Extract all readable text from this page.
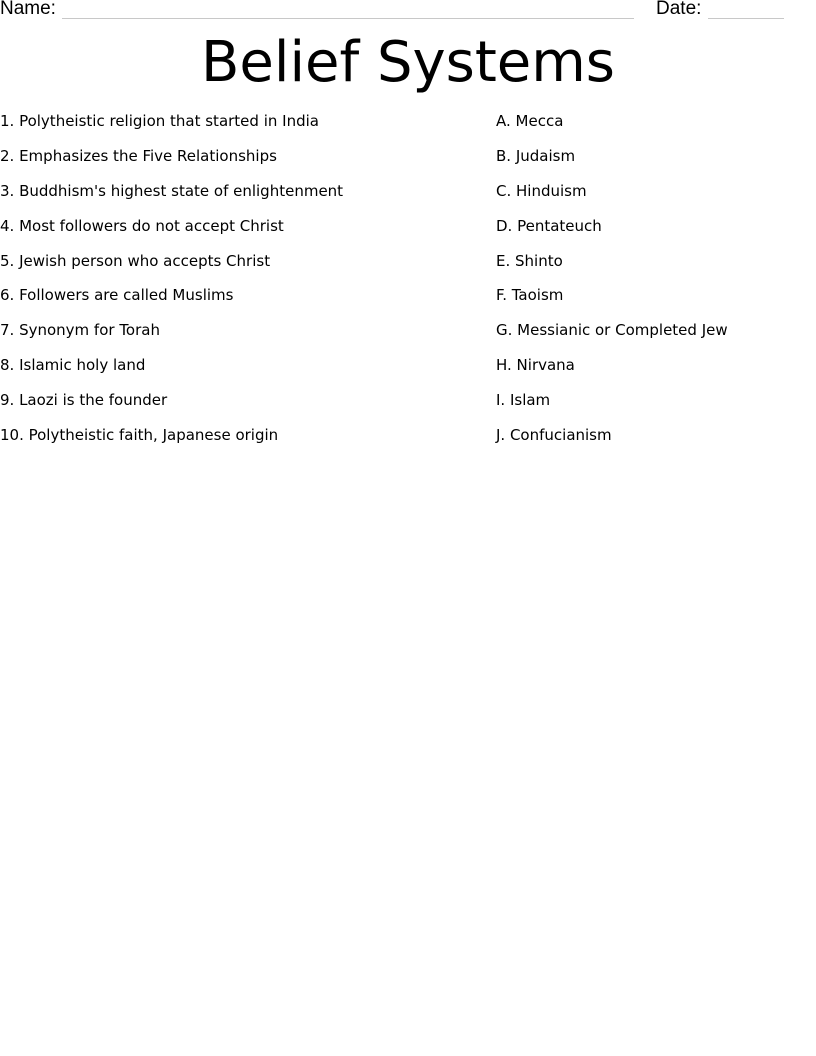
Name:	Date:
Belief Systems
1. Polytheistic religion that started in India
2. Emphasizes the Five Relationships
3. Buddhism's highest state of enlightenment
4. Most followers do not accept Christ
5. Jewish person who accepts Christ
6. Followers are called Muslims
7. Synonym for Torah
8. Islamic holy land
9. Laozi is the founder
10. Polytheistic faith, Japanese origin
A. Mecca
B. Judaism
C. Hinduism
D. Pentateuch
E. Shinto
F. Taoism
G. Messianic or Completed Jew
H. Nirvana
I. Islam
J. Confucianism
